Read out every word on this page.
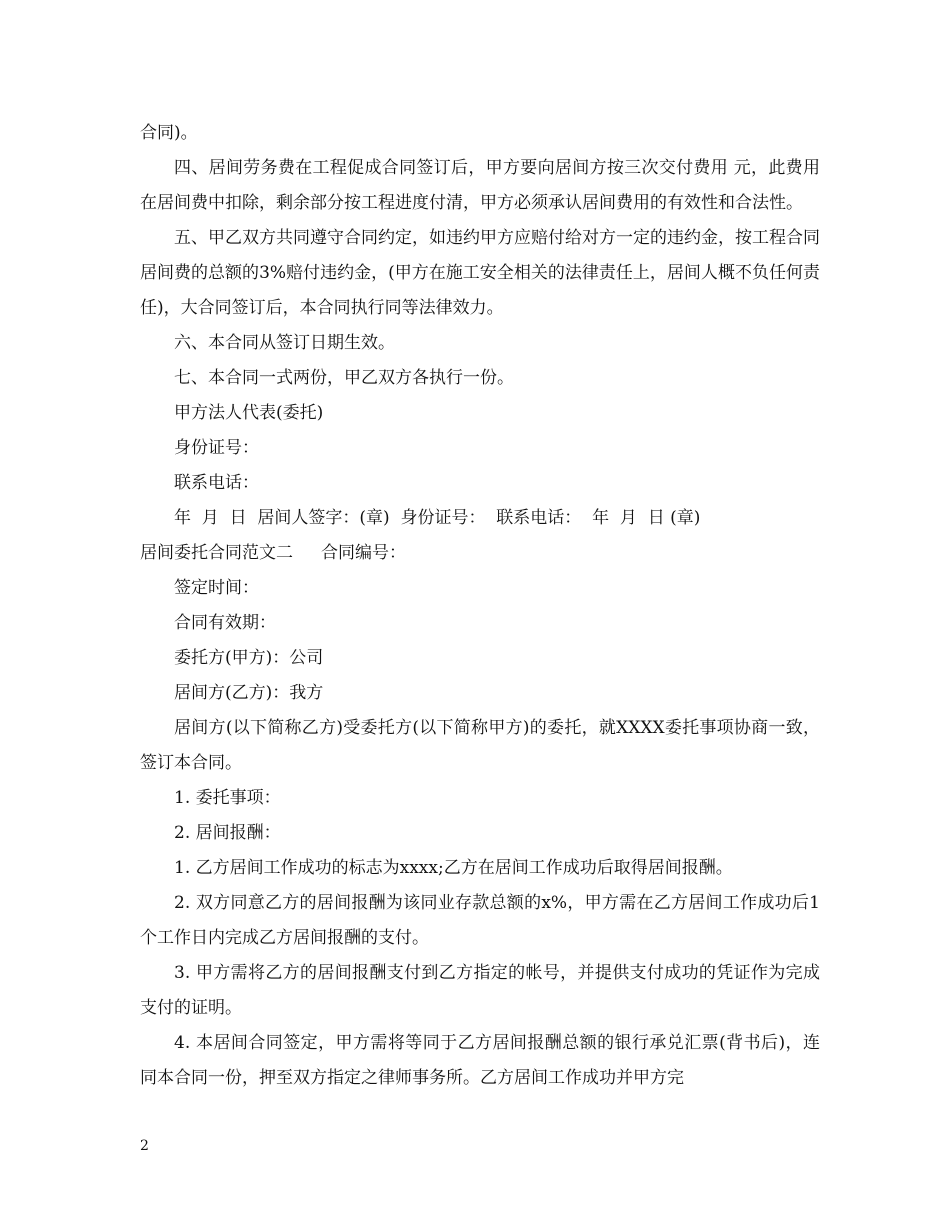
合同)。

四、居间劳务费在工程促成合同签订后，甲方要向居间方按三次交付费用 元，此费用在居间费中扣除，剩余部分按工程进度付清，甲方必须承认居间费用的有效性和合法性。

五、甲乙双方共同遵守合同约定，如违约甲方应赔付给对方一定的违约金，按工程合同居间费的总额的3%赔付违约金，(甲方在施工安全相关的法律责任上，居间人概不负任何责任)，大合同签订后，本合同执行同等法律效力。

六、本合同从签订日期生效。

七、本合同一式两份，甲乙双方各执行一份。

甲方法人代表(委托)

身份证号：

联系电话：

年  月  日  居间人签字：(章)  身份证号：  联系电话：  年  月  日 (章)

居间委托合同范文二 合同编号：

签定时间：

合同有效期：

委托方(甲方)：公司

居间方(乙方)：我方

居间方(以下简称乙方)受委托方(以下简称甲方)的委托，就XXXX委托事项协商一致，签订本合同。

1. 委托事项：

2. 居间报酬：

1. 乙方居间工作成功的标志为xxxx;乙方在居间工作成功后取得居间报酬。

2. 双方同意乙方的居间报酬为该同业存款总额的x%，甲方需在乙方居间工作成功后1个工作日内完成乙方居间报酬的支付。

3. 甲方需将乙方的居间报酬支付到乙方指定的帐号，并提供支付成功的凭证作为完成支付的证明。

4. 本居间合同签定，甲方需将等同于乙方居间报酬总额的银行承兑汇票(背书后)，连同本合同一份，押至双方指定之律师事务所。乙方居间工作成功并甲方完

2
